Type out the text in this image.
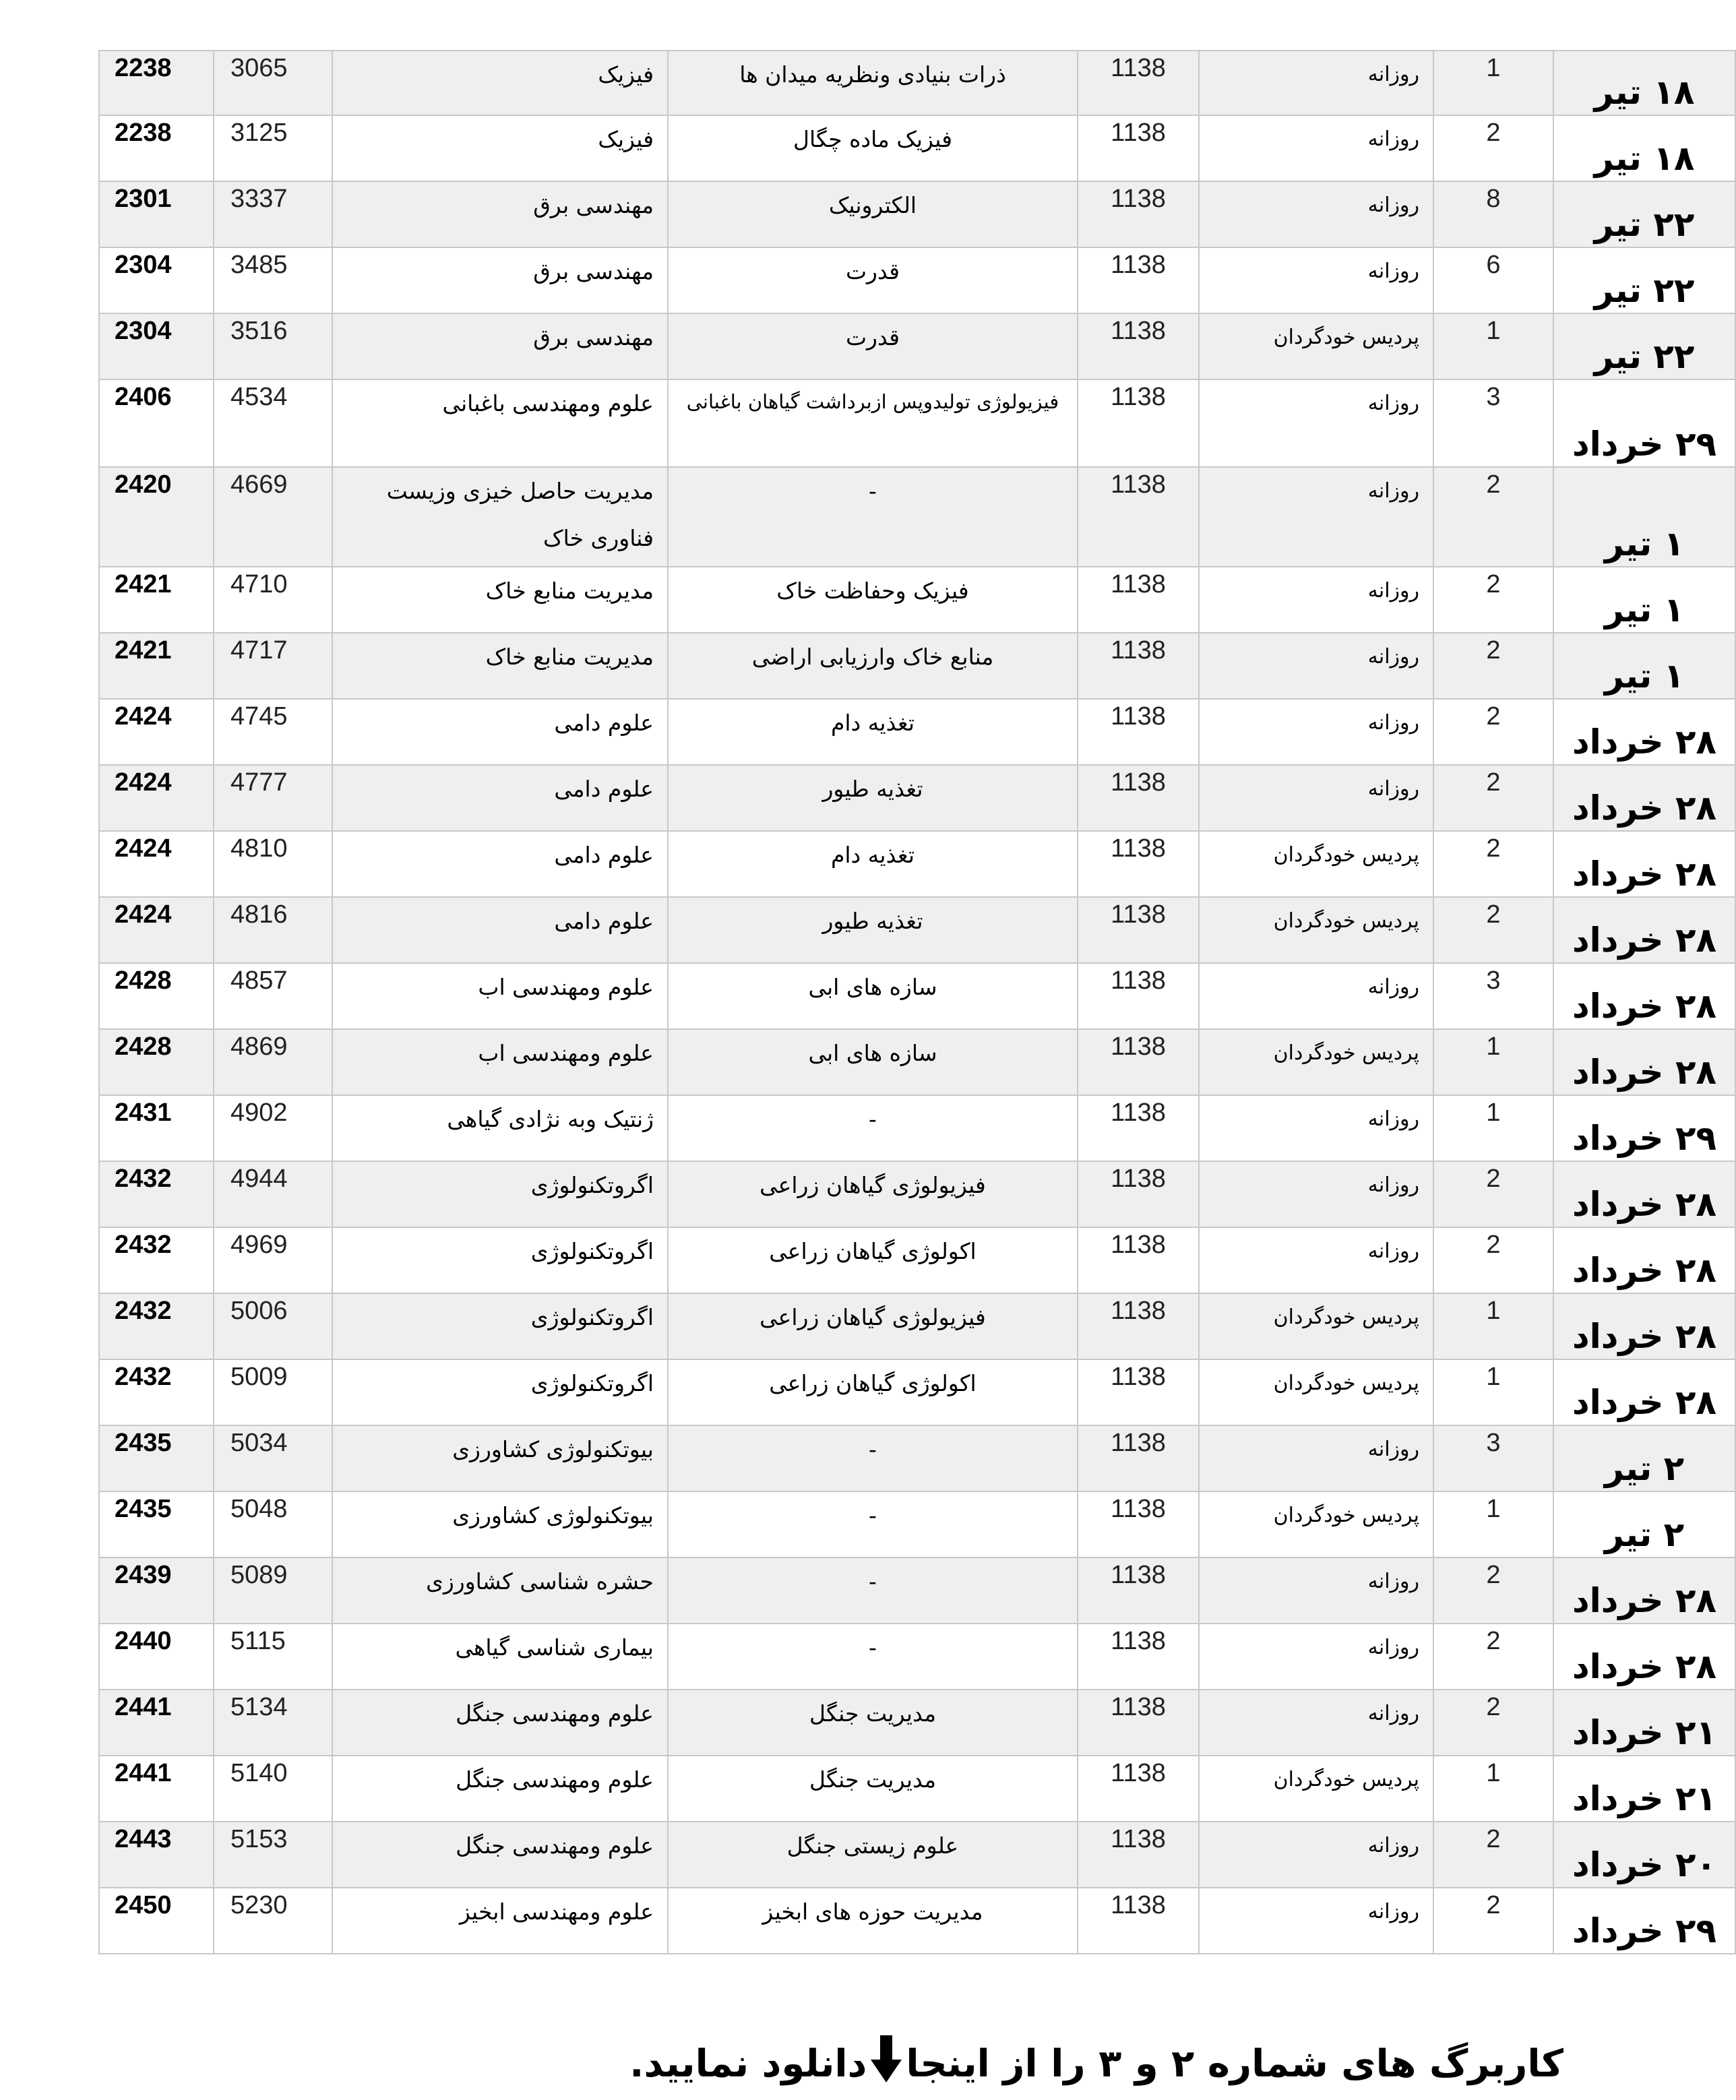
2238	3065	فیزیک	ذرات بنیادی ونظریه میدان ها	1138	روزانه	1	۱۸ تیر
2238	3125	فیزیک	فیزیک ماده چگال	1138	روزانه	2	۱۸ تیر
2301	3337	مهندسی برق	الکترونیک	1138	روزانه	8	۲۲ تیر
2304	3485	مهندسی برق	قدرت	1138	روزانه	6	۲۲ تیر
2304	3516	مهندسی برق	قدرت	1138	پردیس خودگردان	1	۲۲ تیر
2406	4534	علوم ومهندسی باغبانی	فیزیولوژی تولیدوپس ازبرداشت گیاهان باغبانی	1138	روزانه	3	۲۹ خرداد
2420	4669	مدیریت حاصل خیزی وزیست فناوری خاک	-	1138	روزانه	2	۱ تیر
2421	4710	مدیریت منابع خاک	فیزیک وحفاظت خاک	1138	روزانه	2	۱ تیر
2421	4717	مدیریت منابع خاک	منابع خاک وارزیابی اراضی	1138	روزانه	2	۱ تیر
2424	4745	علوم دامی	تغذیه دام	1138	روزانه	2	۲۸ خرداد
2424	4777	علوم دامی	تغذیه طیور	1138	روزانه	2	۲۸ خرداد
2424	4810	علوم دامی	تغذیه دام	1138	پردیس خودگردان	2	۲۸ خرداد
2424	4816	علوم دامی	تغذیه طیور	1138	پردیس خودگردان	2	۲۸ خرداد
2428	4857	علوم ومهندسی اب	سازه های ابی	1138	روزانه	3	۲۸ خرداد
2428	4869	علوم ومهندسی اب	سازه های ابی	1138	پردیس خودگردان	1	۲۸ خرداد
2431	4902	ژنتیک وبه نژادی گیاهی	-	1138	روزانه	1	۲۹ خرداد
2432	4944	اگروتکنولوژی	فیزیولوژی گیاهان زراعی	1138	روزانه	2	۲۸ خرداد
2432	4969	اگروتکنولوژی	اکولوژی گیاهان زراعی	1138	روزانه	2	۲۸ خرداد
2432	5006	اگروتکنولوژی	فیزیولوژی گیاهان زراعی	1138	پردیس خودگردان	1	۲۸ خرداد
2432	5009	اگروتکنولوژی	اکولوژی گیاهان زراعی	1138	پردیس خودگردان	1	۲۸ خرداد
2435	5034	بیوتکنولوژی کشاورزی	-	1138	روزانه	3	۲ تیر
2435	5048	بیوتکنولوژی کشاورزی	-	1138	پردیس خودگردان	1	۲ تیر
2439	5089	حشره شناسی کشاورزی	-	1138	روزانه	2	۲۸ خرداد
2440	5115	بیماری شناسی گیاهی	-	1138	روزانه	2	۲۸ خرداد
2441	5134	علوم ومهندسی جنگل	مدیریت جنگل	1138	روزانه	2	۲۱ خرداد
2441	5140	علوم ومهندسی جنگل	مدیریت جنگل	1138	پردیس خودگردان	1	۲۱ خرداد
2443	5153	علوم ومهندسی جنگل	علوم زیستی جنگل	1138	روزانه	2	۲۰ خرداد
2450	5230	علوم ومهندسی ابخیز	مدیریت حوزه های ابخیز	1138	روزانه	2	۲۹ خرداد
کاربرگ های شماره ۲ و ۳ را از اینجا
دانلود نمایید.
